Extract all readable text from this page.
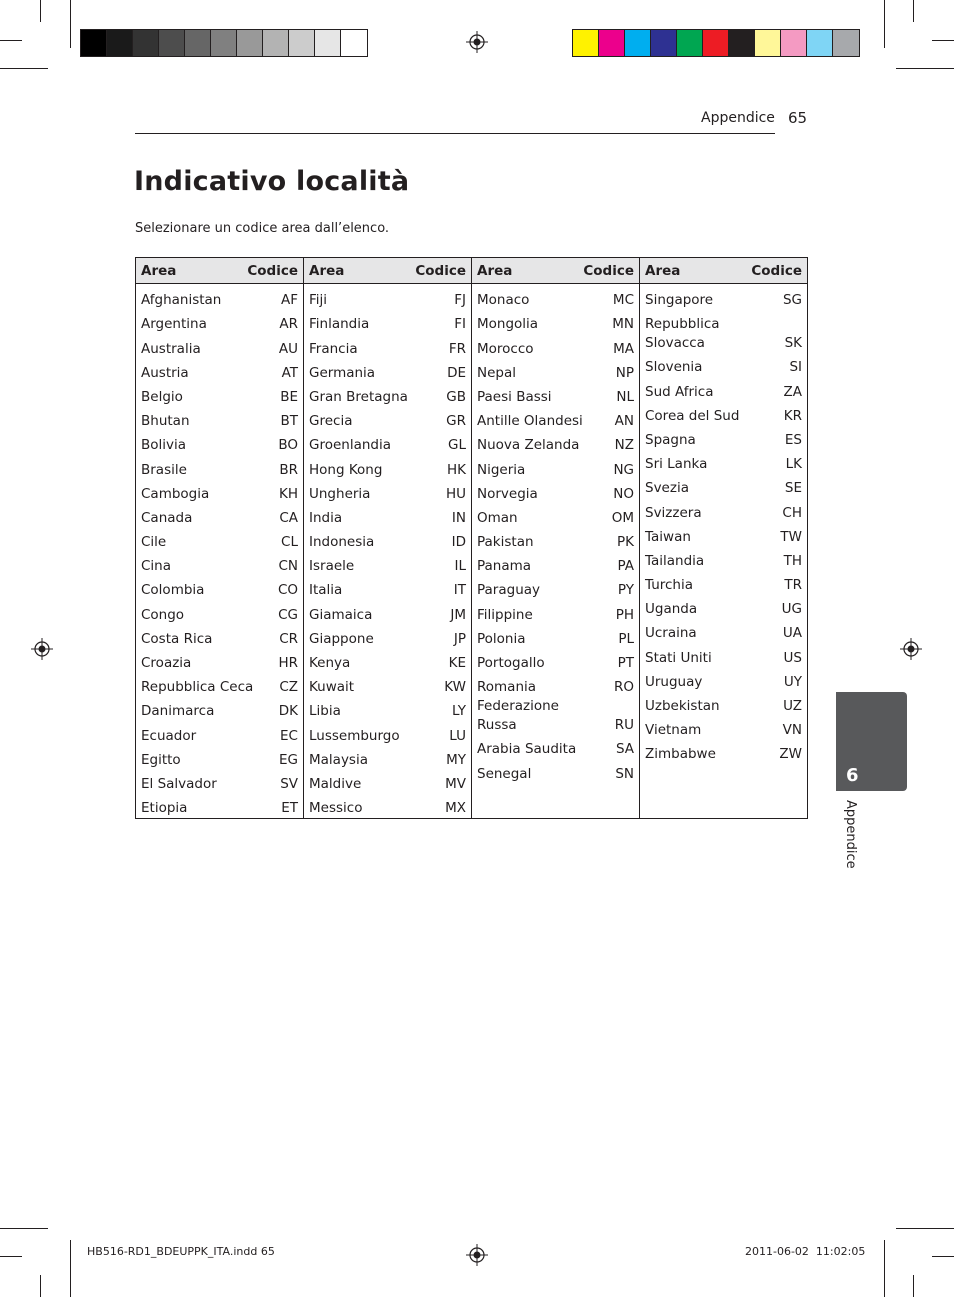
Appendice 65
Indicativo località
Selezionare un codice area dall’elenco.
Area	Codice
Afghanistan	AF
Argentina	AR
Australia	AU
Austria	AT
Belgio	BE
Bhutan	BT
Bolivia	BO
Brasile	BR
Cambogia	KH
Canada	CA
Cile	CL
Cina	CN
Colombia	CO
Congo	CG
Costa Rica	CR
Croazia	HR
Repubblica Ceca CZ
Danimarca	DK
Ecuador	EC
Egitto	EG
El Salvador	SV
Etiopia	ET
Area	Codice
Fiji	FJ
Finlandia	FI
Francia	FR
Germania	DE
Gran Bretagna	GB
Grecia	GR
Groenlandia	GL
Hong Kong	HK
Ungheria	HU
India	IN
Indonesia	ID
Israele	IL
Italia	IT
Giamaica	JM
Giappone	JP
Kenya	KE
Kuwait	KW
Libia	LY
Lussemburgo	LU
Malaysia	MY
Maldive	MV
Messico	MX
Area	Codice
Monaco	MC
Mongolia	MN
Morocco	MA
Nepal	NP
Paesi Bassi	NL
Antille Olandesi AN
Nuova Zelanda	NZ
Nigeria	NG
Norvegia	NO
Oman	OM
Pakistan	PK
Panama	PA
Paraguay	PY
Filippine	PH
Polonia	PL
Portogallo	PT
Romania	RO
Federazione Russa	RU
Arabia Saudita	SA
Senegal	SN
Area	Codice
Singapore	SG
Repubblica Slovacca	SK
Slovenia	SI
Sud Africa	ZA
Corea del Sud	KR
Spagna	ES
Sri Lanka	LK
Svezia	SE
Svizzera	CH
Taiwan	TW
Tailandia	TH
Turchia	TR
Uganda	UG
Ucraina	UA
Stati Uniti	US
Uruguay	UY
Uzbekistan	UZ
Vietnam	VN
Zimbabwe	ZW
6
Appendice
HB516-RD1_BDEUPPK_ITA.indd 65	2011-06-02 ￼ 11:02:05
